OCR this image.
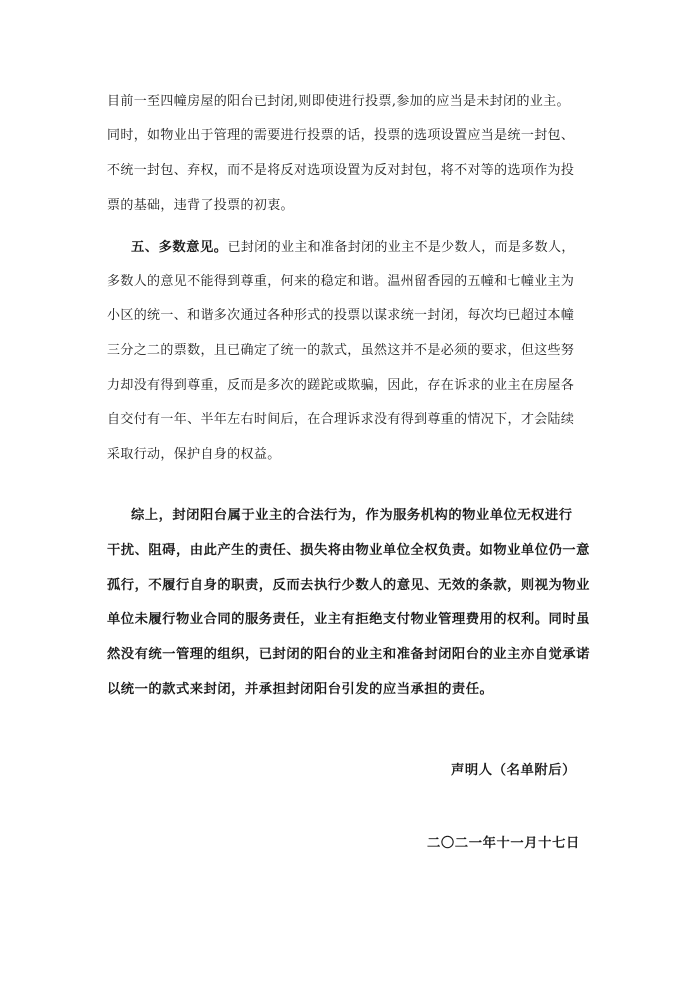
目前一至四幢房屋的阳台已封闭,则即使进行投票,参加的应当是未封闭的业主。
同时，如物业出于管理的需要进行投票的话，投票的选项设置应当是统一封包、
不统一封包、弃权，而不是将反对选项设置为反对封包，将不对等的选项作为投
票的基础，违背了投票的初衷。
五、多数意见。已封闭的业主和准备封闭的业主不是少数人，而是多数人，
多数人的意见不能得到尊重，何来的稳定和谐。温州留香园的五幢和七幢业主为
小区的统一、和谐多次通过各种形式的投票以谋求统一封闭，每次均已超过本幢
三分之二的票数，且已确定了统一的款式，虽然这并不是必须的要求，但这些努
力却没有得到尊重，反而是多次的蹉跎或欺骗，因此，存在诉求的业主在房屋各
自交付有一年、半年左右时间后，在合理诉求没有得到尊重的情况下，才会陆续
采取行动，保护自身的权益。
综上，封闭阳台属于业主的合法行为，作为服务机构的物业单位无权进行
干扰、阻碍，由此产生的责任、损失将由物业单位全权负责。如物业单位仍一意
孤行，不履行自身的职责，反而去执行少数人的意见、无效的条款，则视为物业
单位未履行物业合同的服务责任，业主有拒绝支付物业管理费用的权利。同时虽
然没有统一管理的组织，已封闭的阳台的业主和准备封闭阳台的业主亦自觉承诺
以统一的款式来封闭，并承担封闭阳台引发的应当承担的责任。
声明人（名单附后）
二〇二一年十一月十七日
